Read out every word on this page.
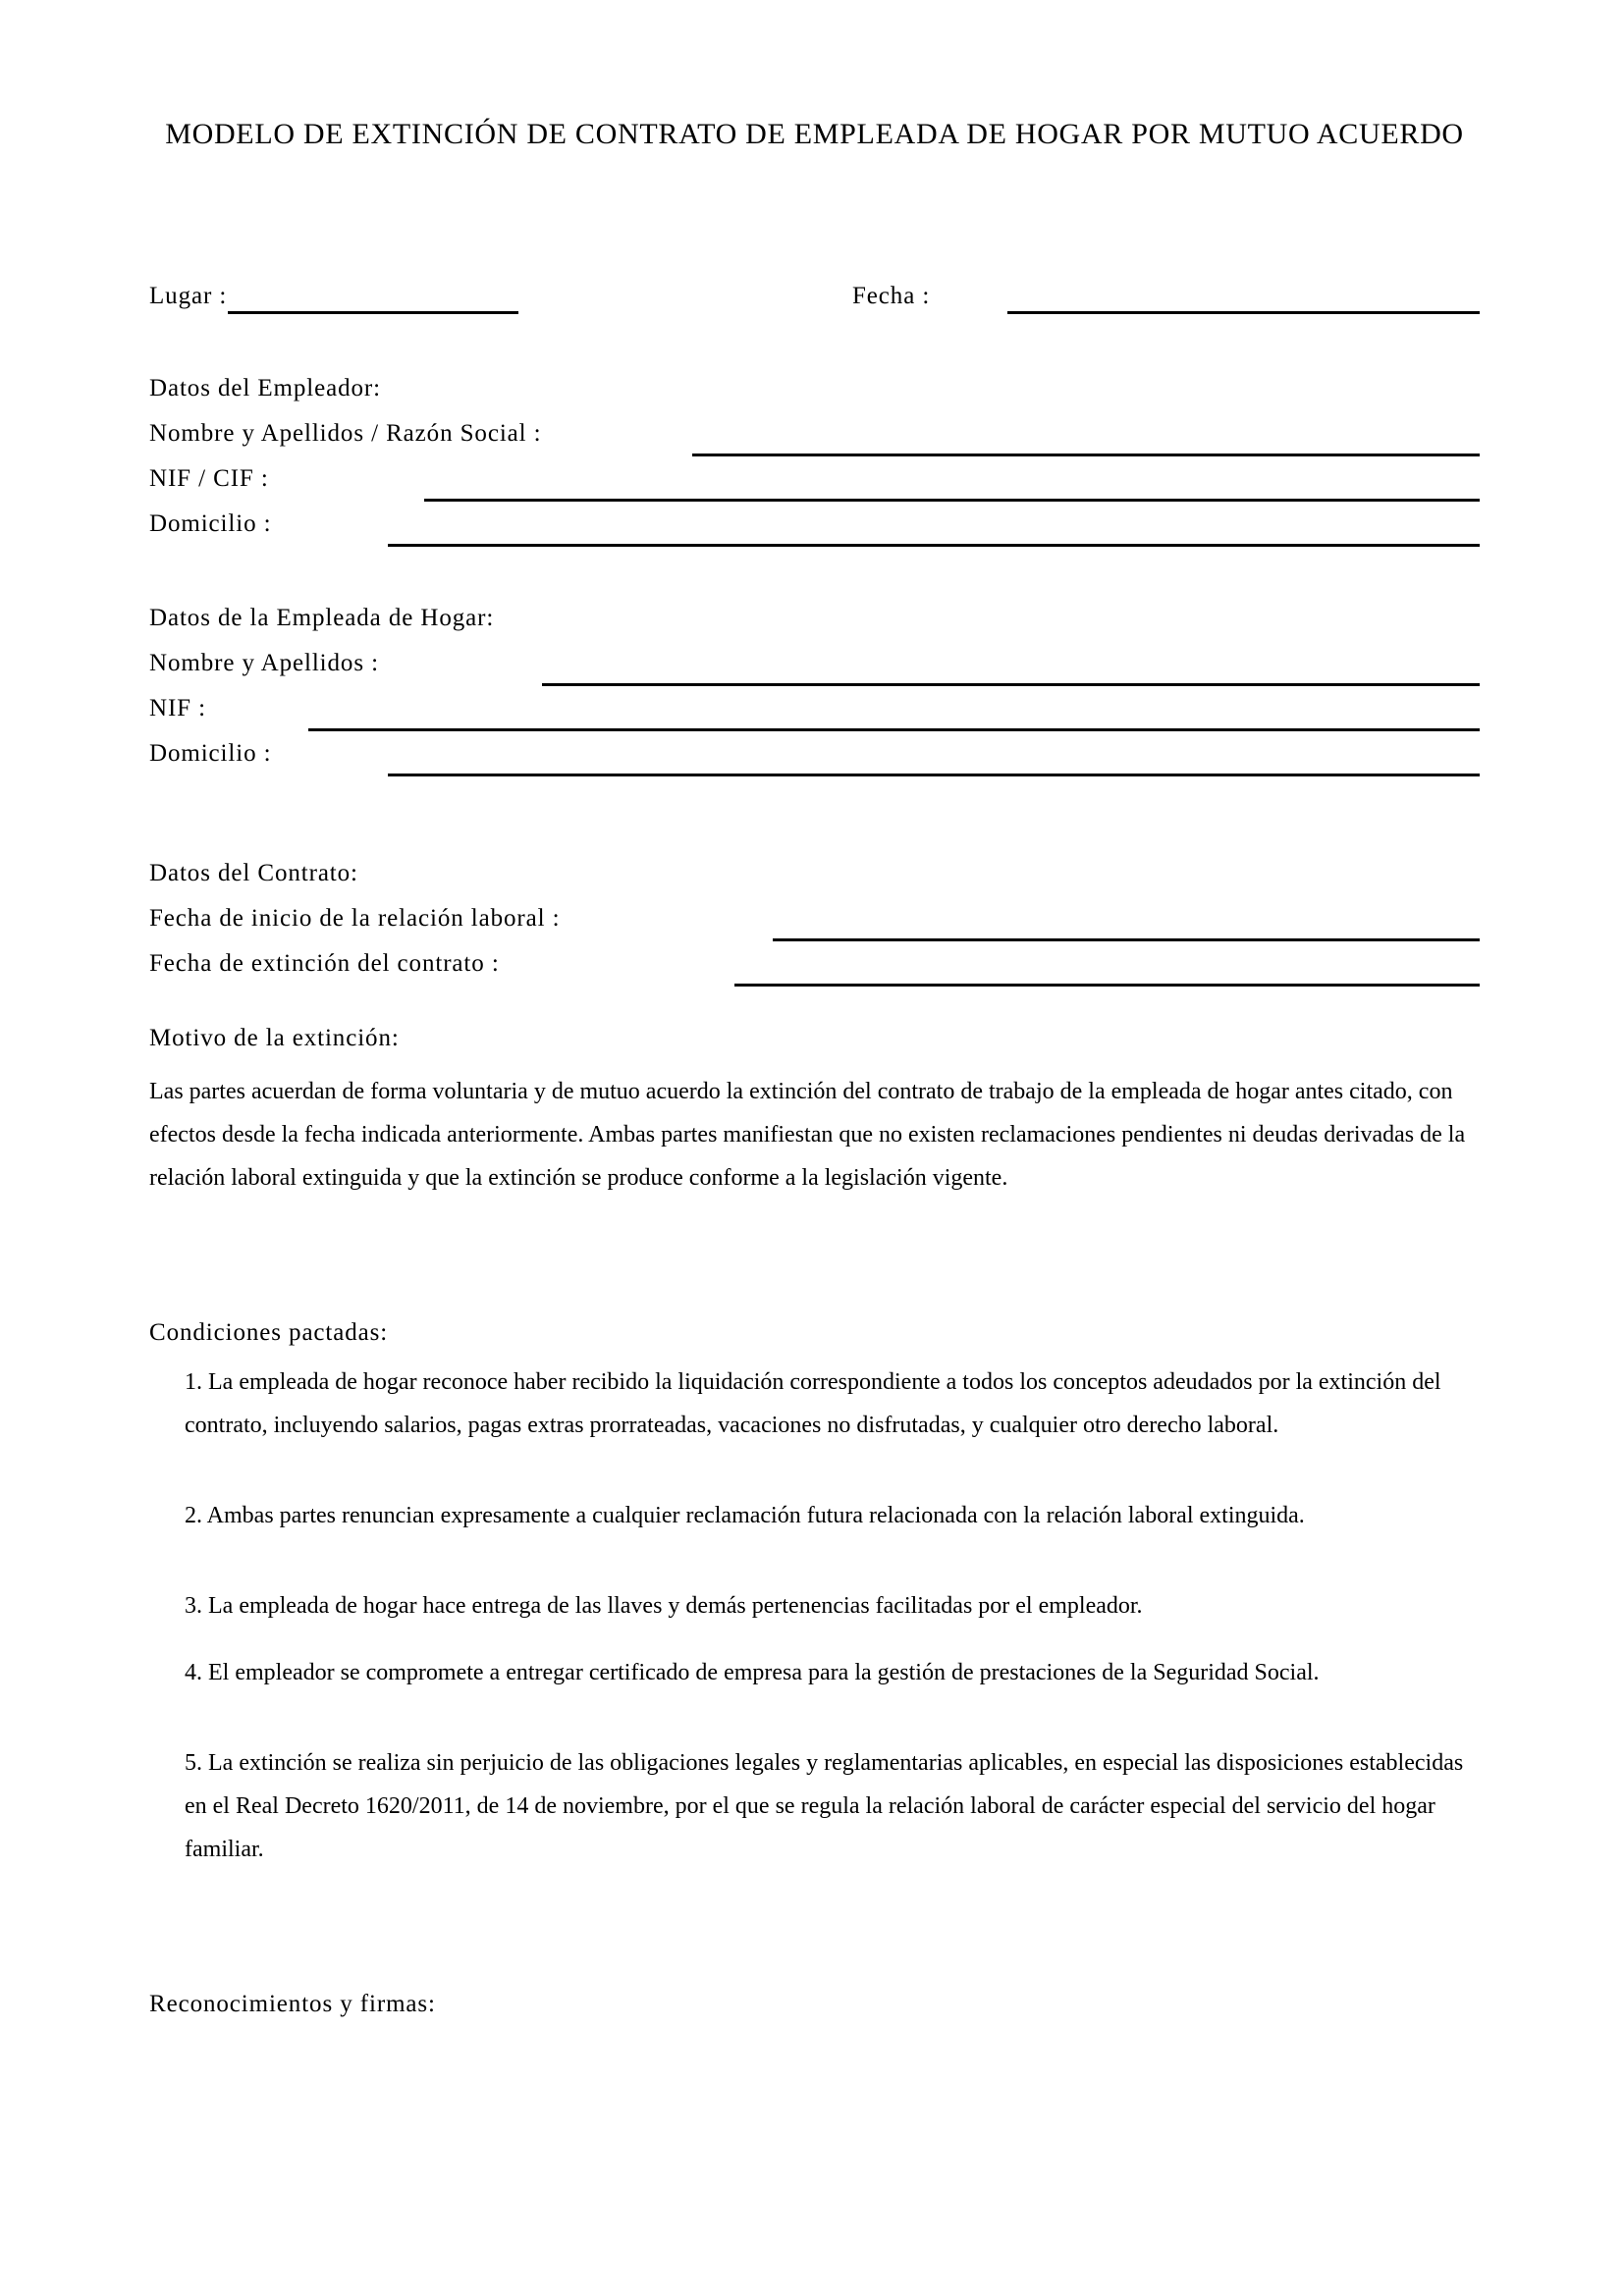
MODELO DE EXTINCIÓN DE CONTRATO DE EMPLEADA DE HOGAR POR MUTUO ACUERDO
Lugar :	Fecha :
Datos del Empleador:
Nombre y Apellidos / Razón Social :
NIF / CIF :
Domicilio :
Datos de la Empleada de Hogar:
Nombre y Apellidos :
NIF :
Domicilio :
Datos del Contrato:
Fecha de inicio de la relación laboral :
Fecha de extinción del contrato :
Motivo de la extinción:

Las partes acuerdan de forma voluntaria y de mutuo acuerdo la extinción del contrato de trabajo de la empleada de hogar antes citado, con efectos desde la fecha indicada anteriormente. Ambas partes manifiestan que no existen reclamaciones pendientes ni deudas derivadas de la relación laboral extinguida y que la extinción se produce conforme a la legislación vigente.

Condiciones pactadas:

1. La empleada de hogar reconoce haber recibido la liquidación correspondiente a todos los conceptos adeudados por la extinción del contrato, incluyendo salarios, pagas extras prorrateadas, vacaciones no disfrutadas, y cualquier otro derecho laboral.

2. Ambas partes renuncian expresamente a cualquier reclamación futura relacionada con la relación laboral extinguida.

3. La empleada de hogar hace entrega de las llaves y demás pertenencias facilitadas por el empleador.

4. El empleador se compromete a entregar certificado de empresa para la gestión de prestaciones de la Seguridad Social.

5. La extinción se realiza sin perjuicio de las obligaciones legales y reglamentarias aplicables, en especial las disposiciones establecidas en el Real Decreto 1620/2011, de 14 de noviembre, por el que se regula la relación laboral de carácter especial del servicio del hogar familiar.

Reconocimientos y firmas:
